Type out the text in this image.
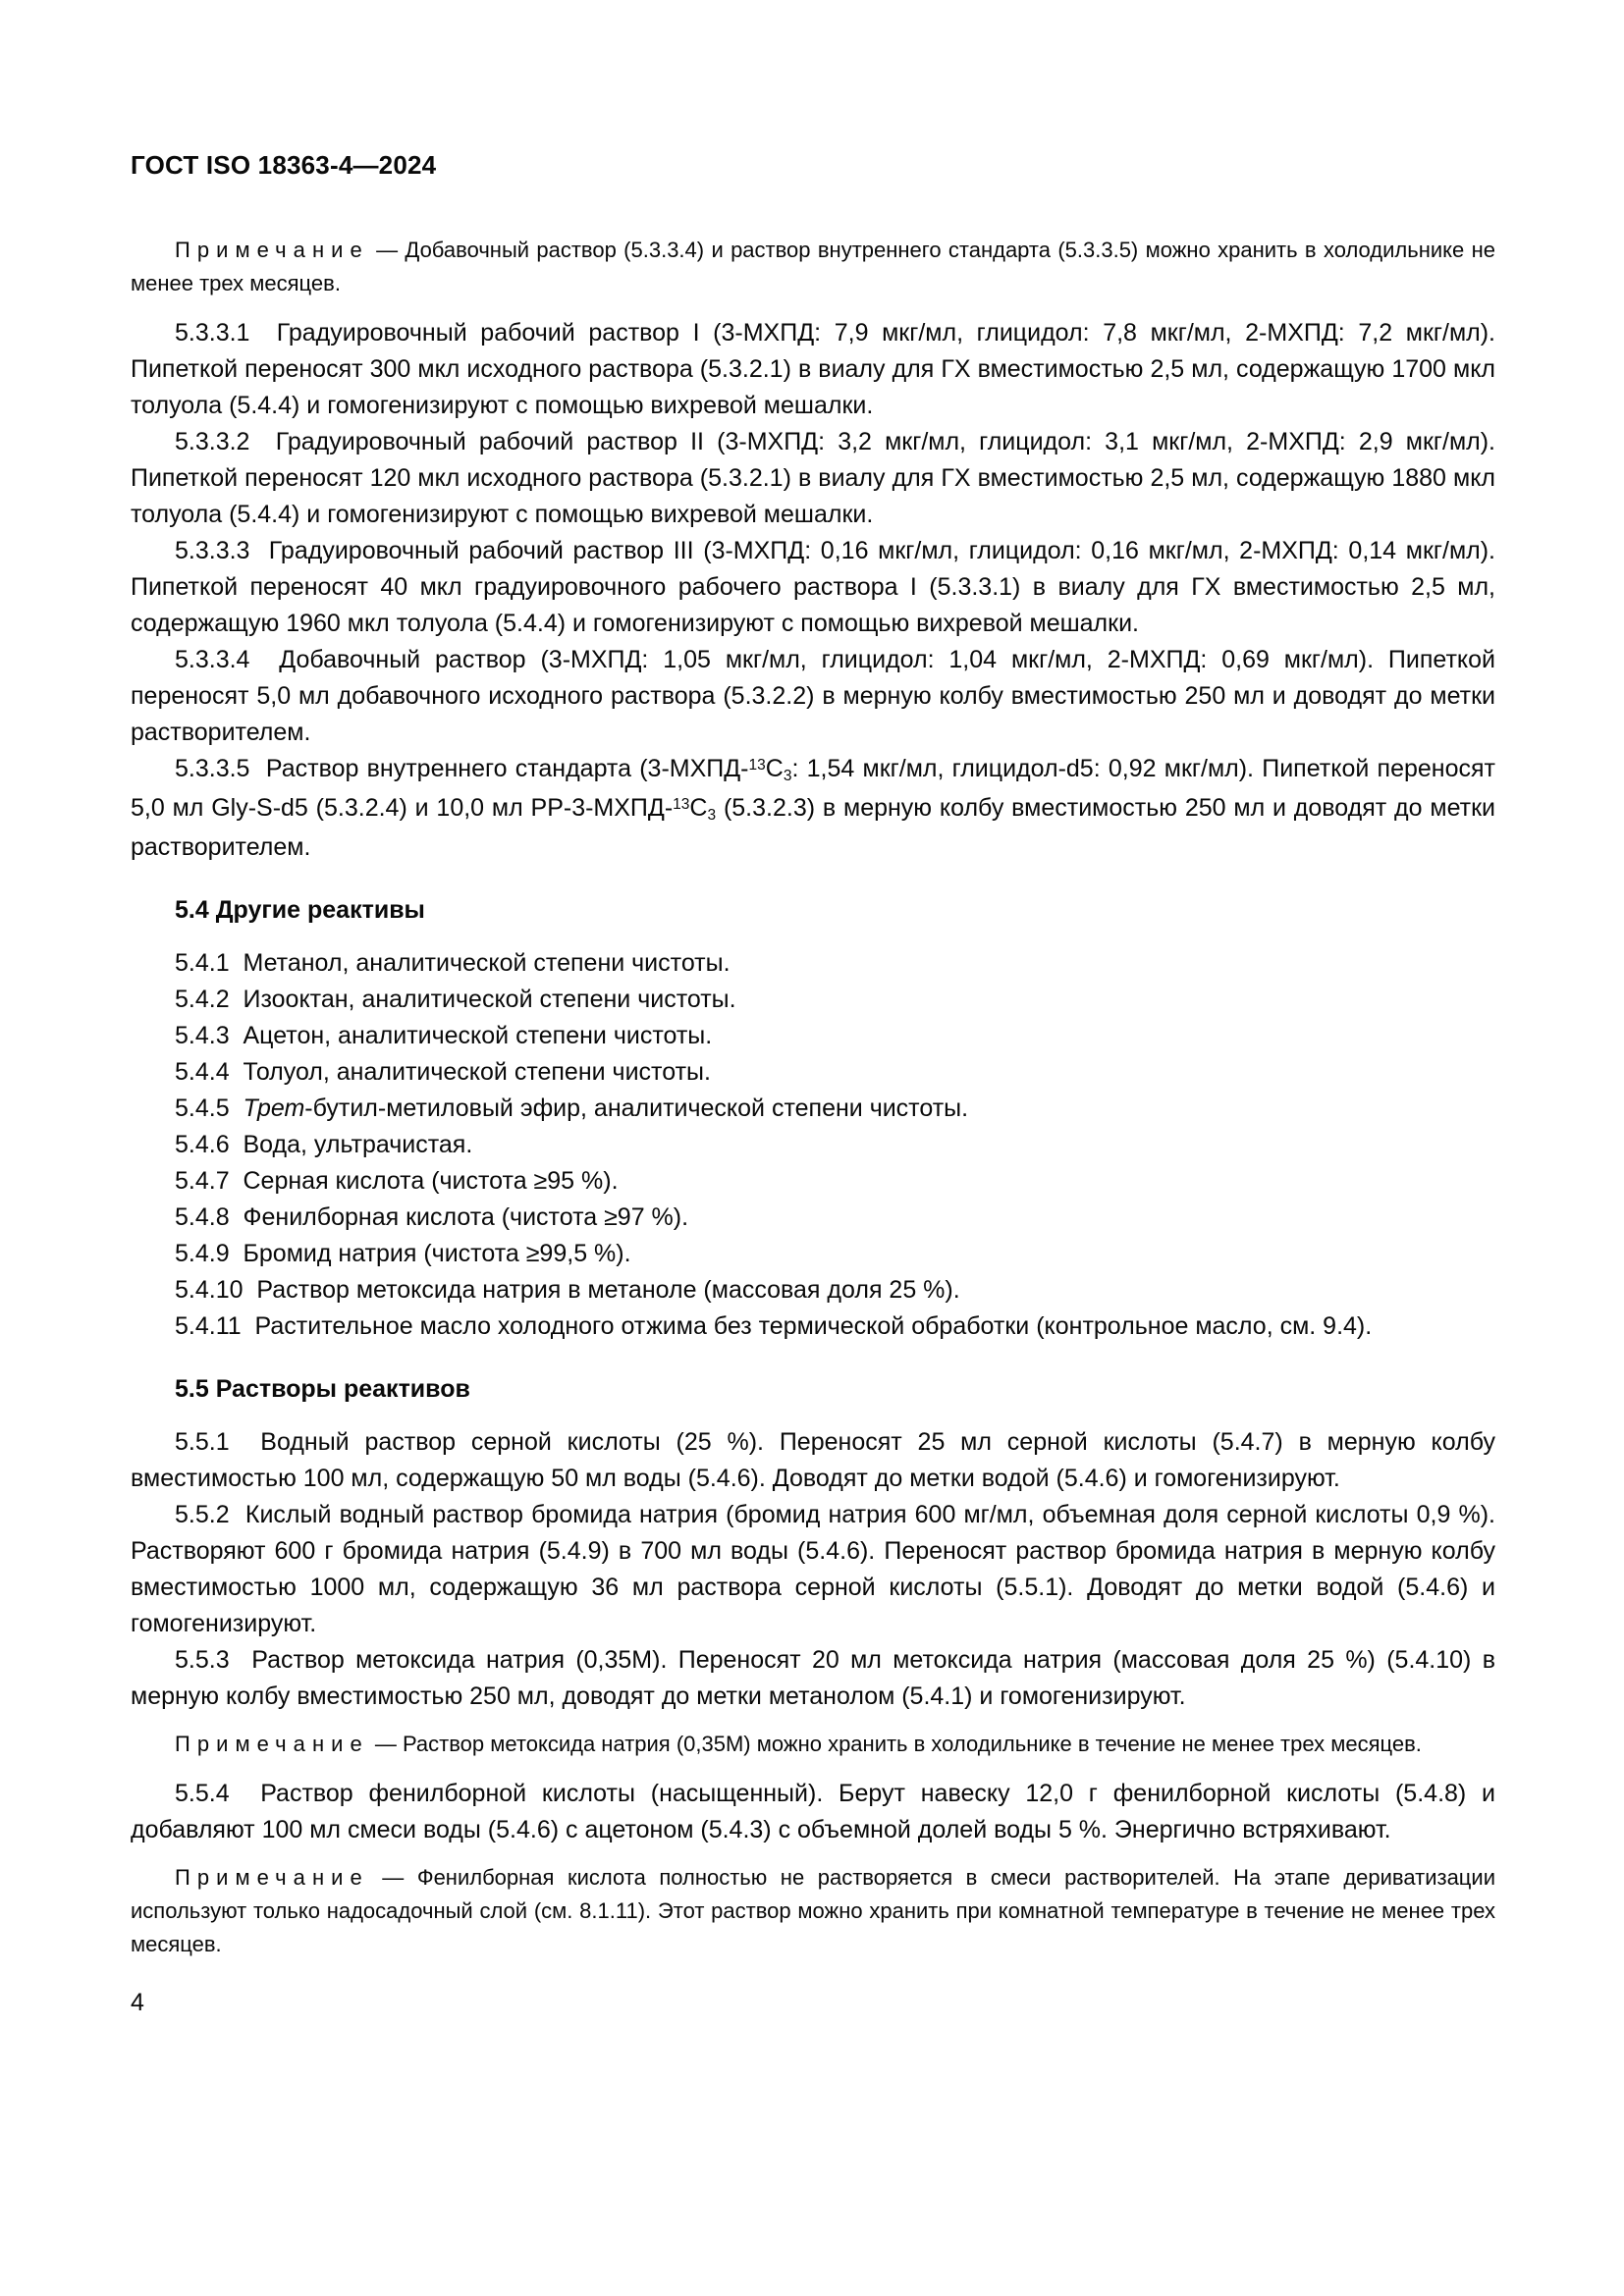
ГОСТ ISO 18363-4—2024

Примечание — Добавочный раствор (5.3.3.4) и раствор внутреннего стандарта (5.3.3.5) можно хранить в холодильнике не менее трех месяцев.

5.3.3.1  Градуировочный рабочий раствор I (3-МХПД: 7,9 мкг/мл, глицидол: 7,8 мкг/мл, 2-МХПД: 7,2 мкг/мл). Пипеткой переносят 300 мкл исходного раствора (5.3.2.1) в виалу для ГХ вместимостью 2,5 мл, содержащую 1700 мкл толуола (5.4.4) и гомогенизируют с помощью вихревой мешалки.

5.3.3.2  Градуировочный рабочий раствор II (3-МХПД: 3,2 мкг/мл, глицидол: 3,1 мкг/мл, 2-МХПД: 2,9 мкг/мл). Пипеткой переносят 120 мкл исходного раствора (5.3.2.1) в виалу для ГХ вместимостью 2,5 мл, содержащую 1880 мкл толуола (5.4.4) и гомогенизируют с помощью вихревой мешалки.

5.3.3.3  Градуировочный рабочий раствор III (3-МХПД: 0,16 мкг/мл, глицидол: 0,16 мкг/мл, 2-МХПД: 0,14 мкг/мл). Пипеткой переносят 40 мкл градуировочного рабочего раствора I (5.3.3.1) в виалу для ГХ вместимостью 2,5 мл, содержащую 1960 мкл толуола (5.4.4) и гомогенизируют с помощью вихревой мешалки.

5.3.3.4  Добавочный раствор (3-МХПД: 1,05 мкг/мл, глицидол: 1,04 мкг/мл, 2-МХПД: 0,69 мкг/мл). Пипеткой переносят 5,0 мл добавочного исходного раствора (5.3.2.2) в мерную колбу вместимостью 250 мл и доводят до метки растворителем.

5.3.3.5  Раствор внутреннего стандарта (3-МХПД-$^{13}$C3: 1,54 мкг/мл, глицидол-d5: 0,92 мкг/мл). Пипеткой переносят 5,0 мл Gly-S-d5 (5.3.2.4) и 10,0 мл PP-3-МХПД-$^{13}$C3 (5.3.2.3) в мерную колбу вместимостью 250 мл и доводят до метки растворителем.

5.4 Другие реактивы

5.4.1  Метанол, аналитической степени чистоты.

5.4.2  Изооктан, аналитической степени чистоты.

5.4.3  Ацетон, аналитической степени чистоты.

5.4.4  Толуол, аналитической степени чистоты.

5.4.5  Трет-бутил-метиловый эфир, аналитической степени чистоты.

5.4.6  Вода, ультрачистая.

5.4.7  Серная кислота (чистота ≥95 %).

5.4.8  Фенилборная кислота (чистота ≥97 %).

5.4.9  Бромид натрия (чистота ≥99,5 %).

5.4.10  Раствор метоксида натрия в метаноле (массовая доля 25 %).

5.4.11  Растительное масло холодного отжима без термической обработки (контрольное масло, см. 9.4).

5.5 Растворы реактивов

5.5.1  Водный раствор серной кислоты (25 %). Переносят 25 мл серной кислоты (5.4.7) в мерную колбу вместимостью 100 мл, содержащую 50 мл воды (5.4.6). Доводят до метки водой (5.4.6) и гомогенизируют.

5.5.2  Кислый водный раствор бромида натрия (бромид натрия 600 мг/мл, объемная доля серной кислоты 0,9 %). Растворяют 600 г бромида натрия (5.4.9) в 700 мл воды (5.4.6). Переносят раствор бромида натрия в мерную колбу вместимостью 1000 мл, содержащую 36 мл раствора серной кислоты (5.5.1). Доводят до метки водой (5.4.6) и гомогенизируют.

5.5.3  Раствор метоксида натрия (0,35М). Переносят 20 мл метоксида натрия (массовая доля 25 %) (5.4.10) в мерную колбу вместимостью 250 мл, доводят до метки метанолом (5.4.1) и гомогенизируют.

Примечание — Раствор метоксида натрия (0,35М) можно хранить в холодильнике в течение не менее трех месяцев.

5.5.4  Раствор фенилборной кислоты (насыщенный). Берут навеску 12,0 г фенилборной кислоты (5.4.8) и добавляют 100 мл смеси воды (5.4.6) с ацетоном (5.4.3) с объемной долей воды 5 %. Энергично встряхивают.

Примечание — Фенилборная кислота полностью не растворяется в смеси растворителей. На этапе дериватизации используют только надосадочный слой (см. 8.1.11). Этот раствор можно хранить при комнатной температуре в течение не менее трех месяцев.

4
